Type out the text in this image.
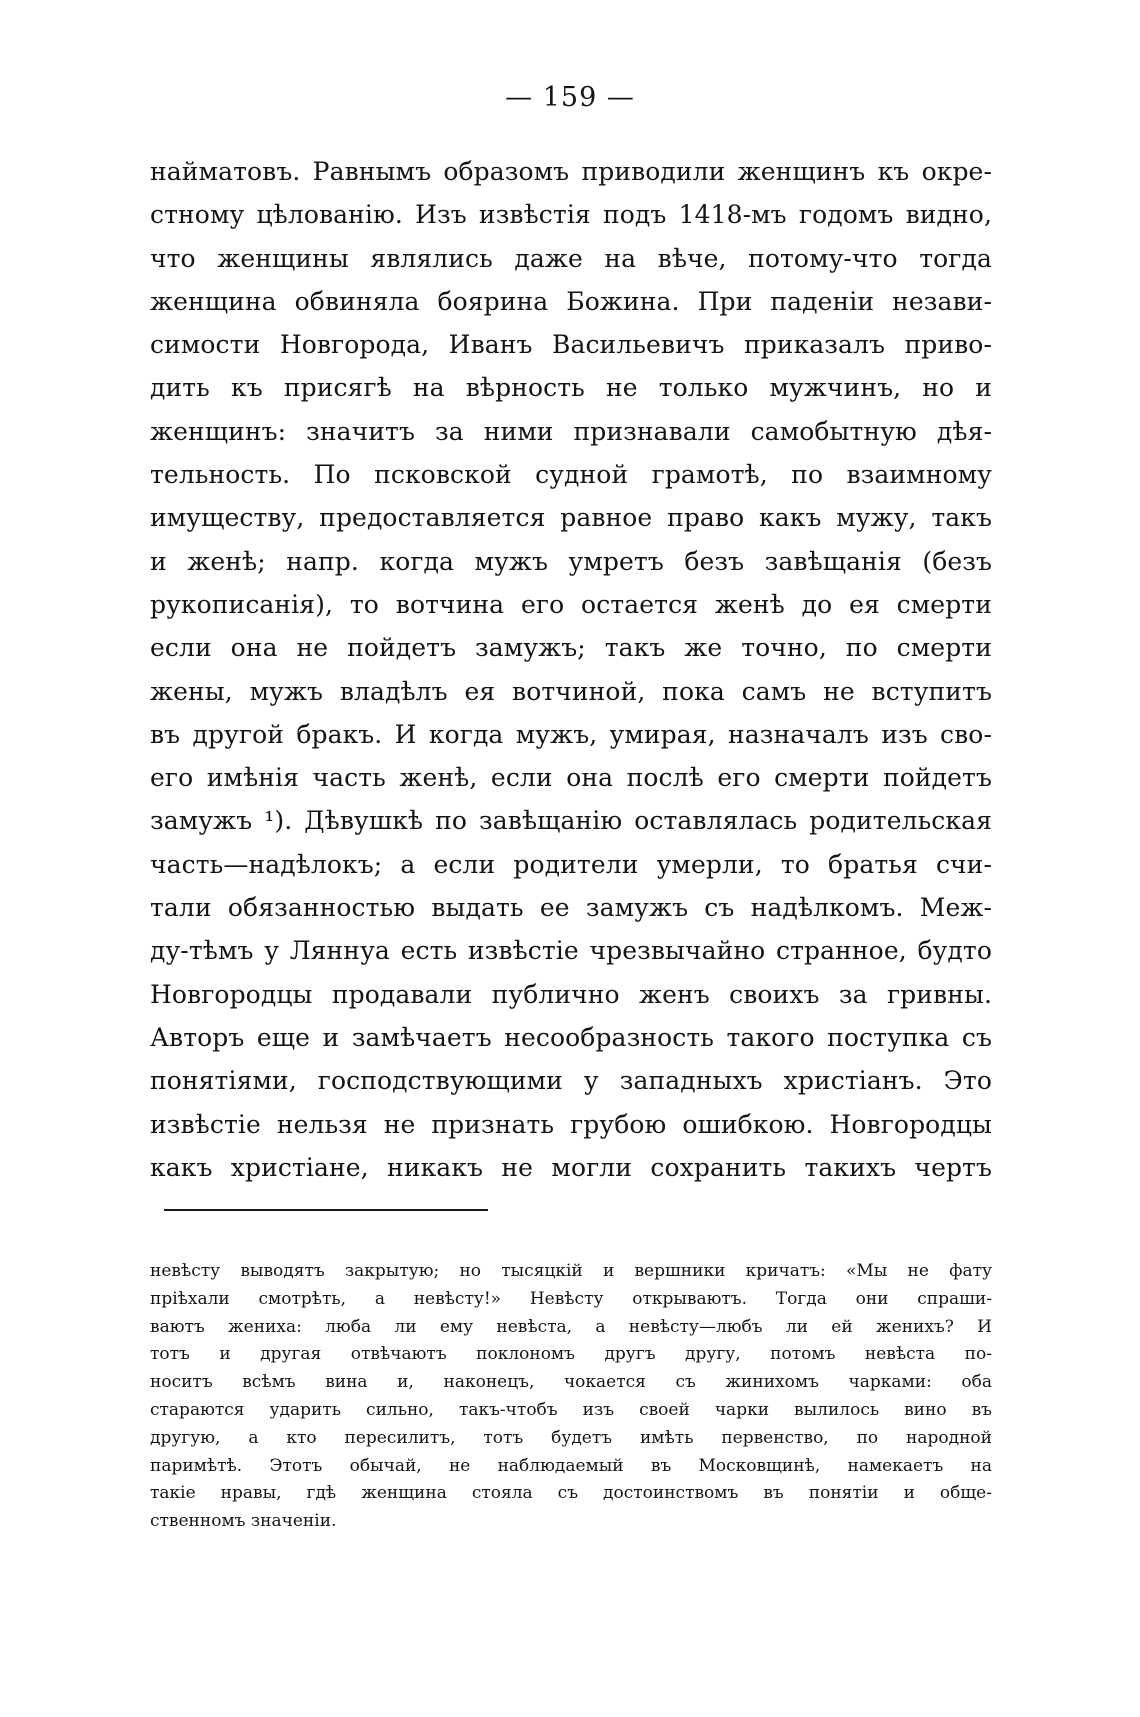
— 159 —
найматовъ. Равнымъ образомъ приводили женщинъ къ окре-
стному цѣлованію. Изъ извѣстія подъ 1418-мъ годомъ видно,
что женщины являлись даже на вѣче, потому-что тогда
женщина обвиняла боярина Божина. При паденіи незави-
симости Новгорода, Иванъ Васильевичъ приказалъ приво-
дить къ присягѣ на вѣрность не только мужчинъ, но и
женщинъ: значитъ за ними признавали самобытную дѣя-
тельность. По псковской судной грамотѣ, по взаимному
имуществу, предоставляется равное право какъ мужу, такъ
и женѣ; напр. когда мужъ умретъ безъ завѣщанія (безъ
рукописанія), то вотчина его остается женѣ до ея смерти
если она не пойдетъ замужъ; такъ же точно, по смерти
жены, мужъ владѣлъ ея вотчиной, пока самъ не вступитъ
въ другой бракъ. И когда мужъ, умирая, назначалъ изъ сво-
его имѣнія часть женѣ, если она послѣ его смерти пойдетъ
замужъ ¹). Дѣвушкѣ по завѣщанію оставлялась родительская
часть—надѣлокъ; а если родители умерли, то братья счи-
тали обязанностью выдать ее замужъ съ надѣлкомъ. Меж-
ду-тѣмъ у Ляннуа есть извѣстіе чрезвычайно странное, будто
Новгородцы продавали публично женъ своихъ за гривны.
Авторъ еще и замѣчаетъ несообразность такого поступка съ
понятіями, господствующими у западныхъ христіанъ. Это
извѣстіе нельзя не признать грубою ошибкою. Новгородцы
какъ христіане, никакъ не могли сохранить такихъ чертъ
невѣсту выводятъ закрытую; но тысяцкій и вершники кричатъ: «Мы не фату
пріѣхали смотрѣть, а невѣсту!» Невѣсту открываютъ. Тогда они спраши-
ваютъ жениха: люба ли ему невѣста, а невѣсту—любъ ли ей женихъ? И
тотъ и другая отвѣчаютъ поклономъ другъ другу, потомъ невѣста по-
носитъ всѣмъ вина и, наконецъ, чокается съ жинихомъ чарками: оба
стараются ударить сильно, такъ-чтобъ изъ своей чарки вылилось вино въ
другую, а кто пересилитъ, тотъ будетъ имѣть первенство, по народной
паримѣтѣ. Этотъ обычай, не наблюдаемый въ Московщинѣ, намекаетъ на
такіе нравы, гдѣ женщина стояла съ достоинствомъ въ понятіи и обще-
ственномъ значеніи.
